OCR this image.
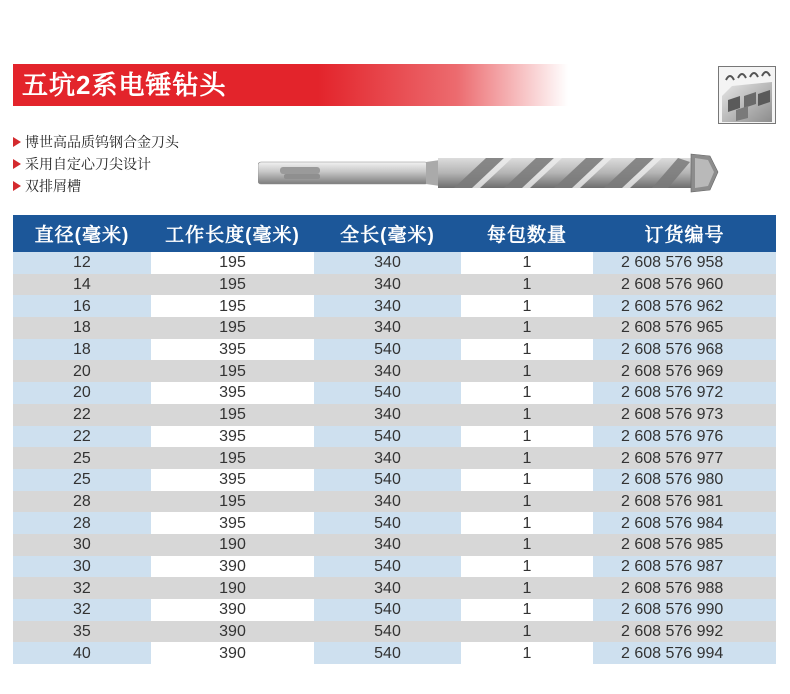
五坑2系电锤钻头
博世高品质钨钢合金刀头
采用自定心刀尖设计
双排屑槽
直径(毫米)	工作长度(毫米)	全长(毫米)	每包数量	订货编号
12	195	340	1	2 608 576 958
14	195	340	1	2 608 576 960
16	195	340	1	2 608 576 962
18	195	340	1	2 608 576 965
18	395	540	1	2 608 576 968
20	195	340	1	2 608 576 969
20	395	540	1	2 608 576 972
22	195	340	1	2 608 576 973
22	395	540	1	2 608 576 976
25	195	340	1	2 608 576 977
25	395	540	1	2 608 576 980
28	195	340	1	2 608 576 981
28	395	540	1	2 608 576 984
30	190	340	1	2 608 576 985
30	390	540	1	2 608 576 987
32	190	340	1	2 608 576 988
32	390	540	1	2 608 576 990
35	390	540	1	2 608 576 992
40	390	540	1	2 608 576 994
